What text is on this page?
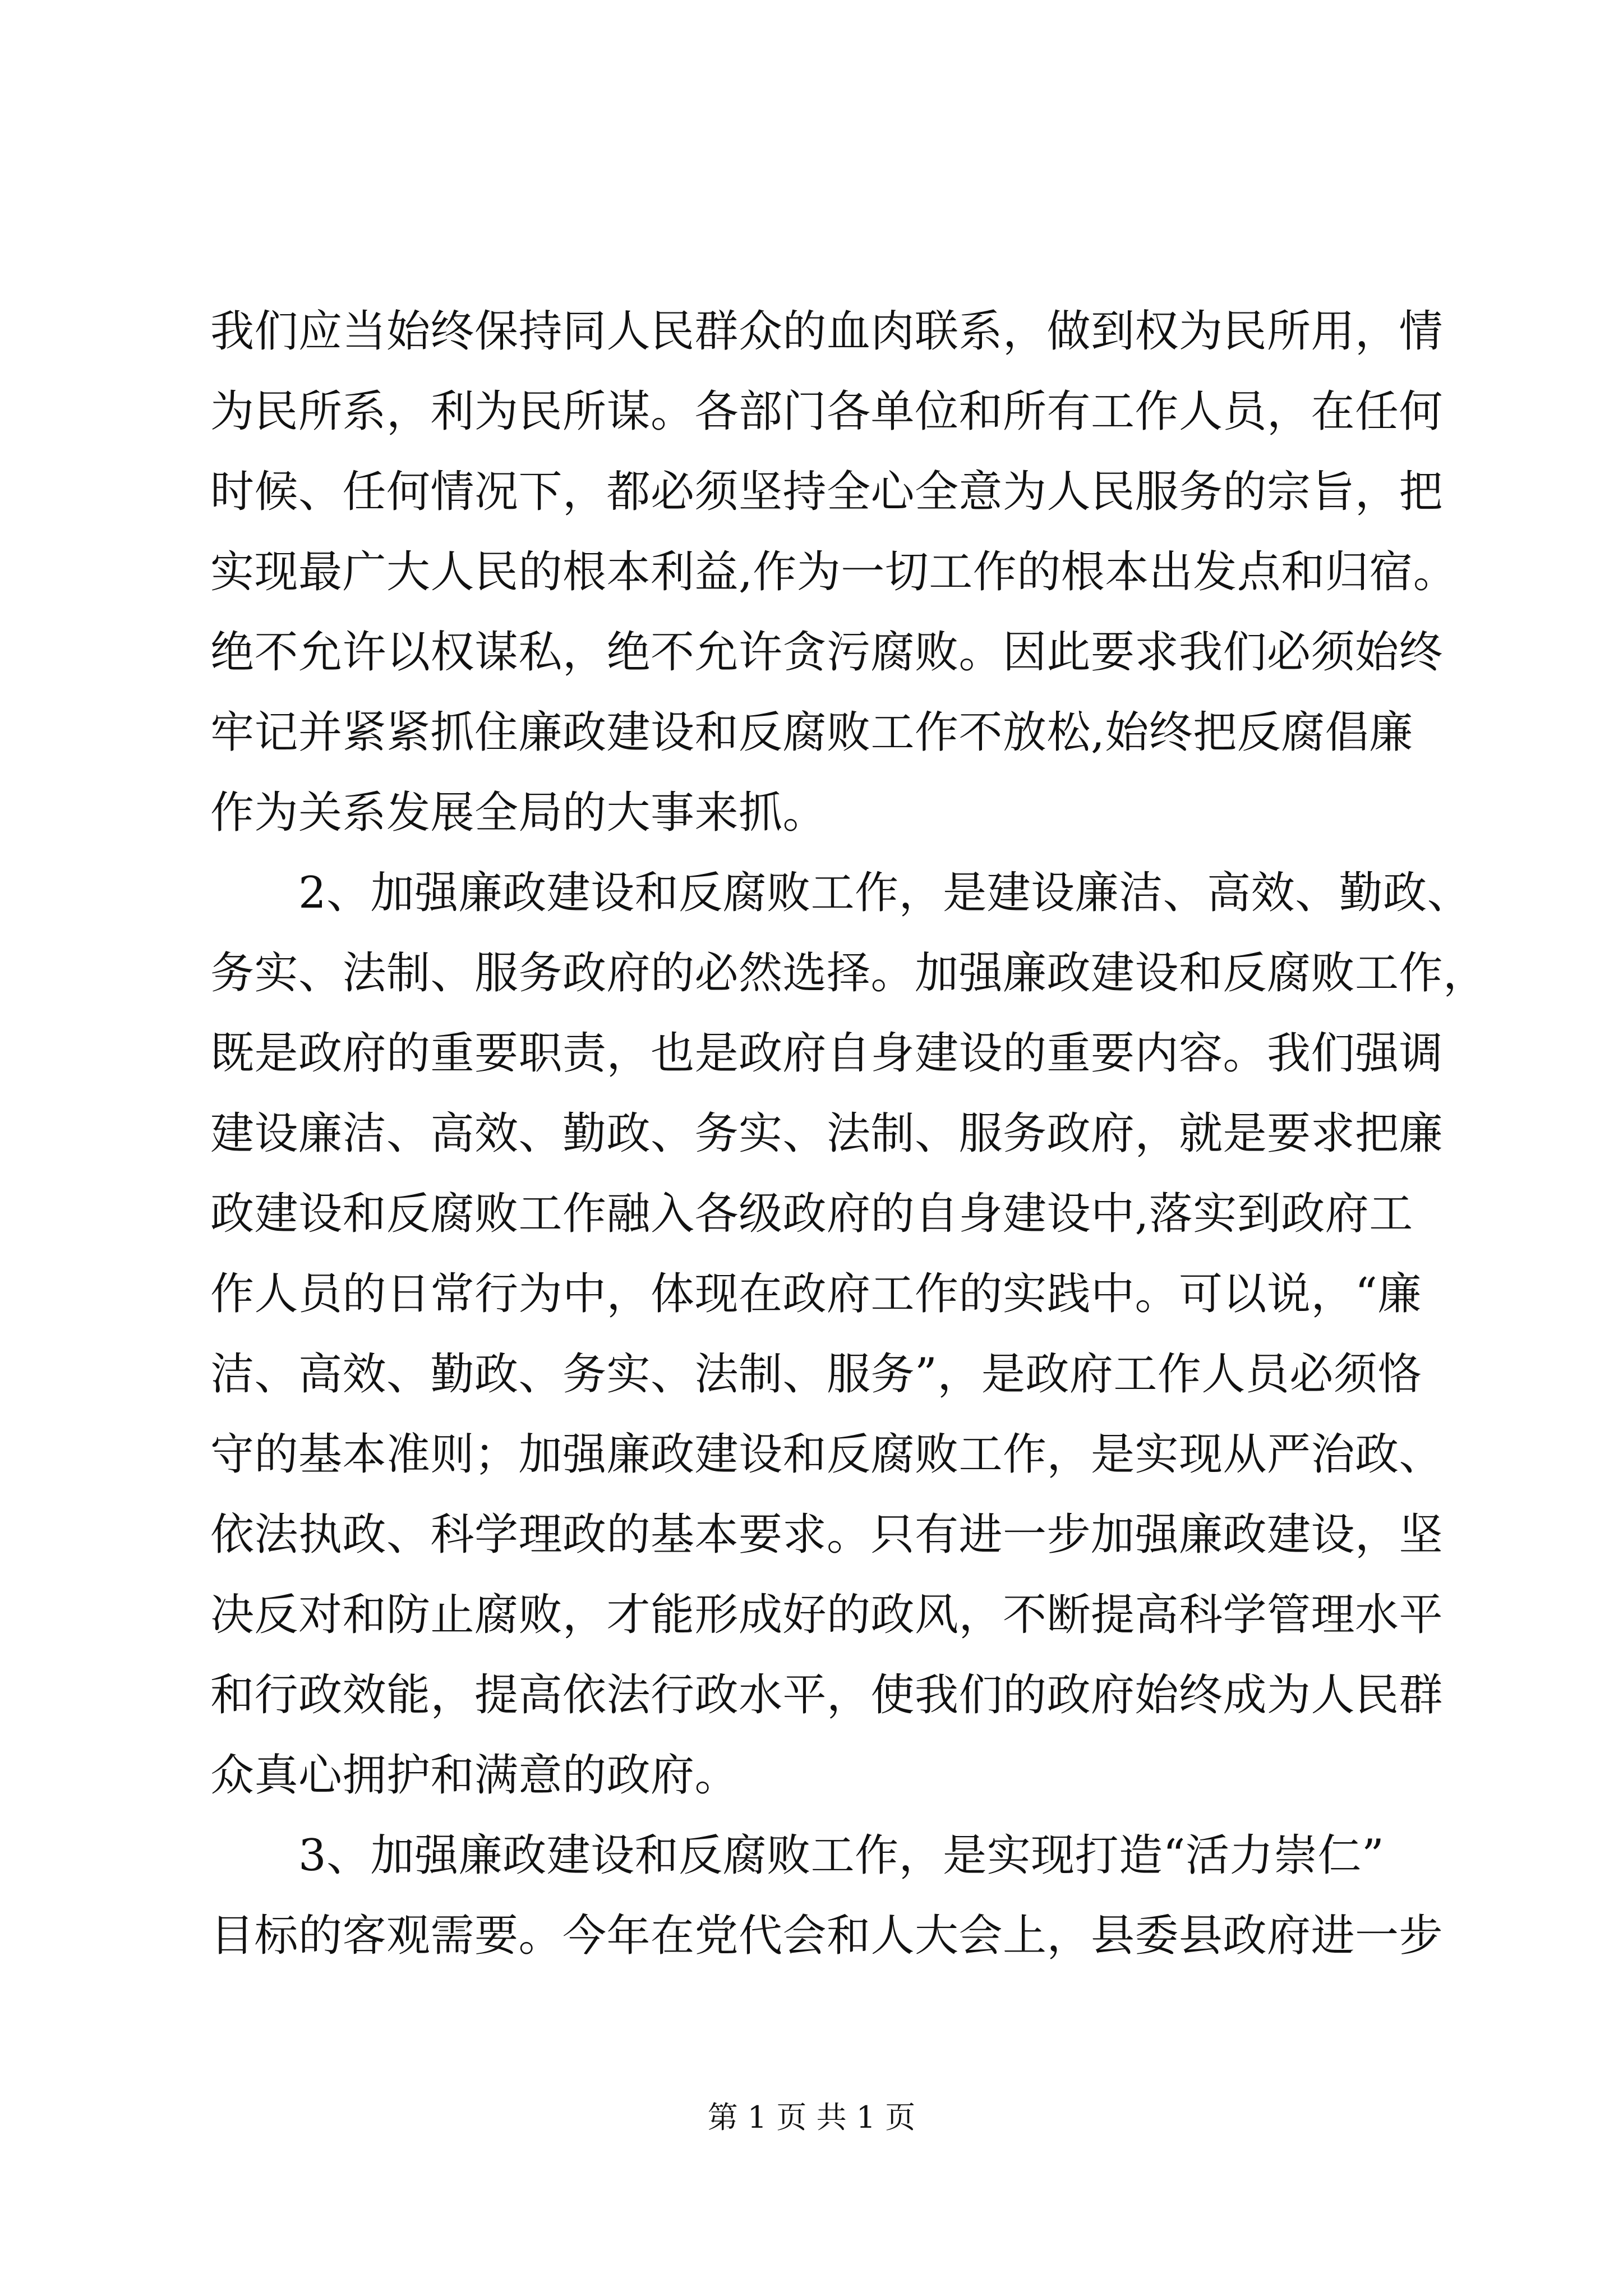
我们应当始终保持同人民群众的血肉联系，做到权为民所用，情
为民所系，利为民所谋。各部门各单位和所有工作人员，在任何
时候、任何情况下，都必须坚持全心全意为人民服务的宗旨，把
实现最广大人民的根本利益,作为一切工作的根本出发点和归宿。
绝不允许以权谋私，绝不允许贪污腐败。因此要求我们必须始终
牢记并紧紧抓住廉政建设和反腐败工作不放松,始终把反腐倡廉
作为关系发展全局的大事来抓。
　　2、加强廉政建设和反腐败工作，是建设廉洁、高效、勤政、
务实、法制、服务政府的必然选择。加强廉政建设和反腐败工作，
既是政府的重要职责，也是政府自身建设的重要内容。我们强调
建设廉洁、高效、勤政、务实、法制、服务政府，就是要求把廉
政建设和反腐败工作融入各级政府的自身建设中,落实到政府工
作人员的日常行为中，体现在政府工作的实践中。可以说，“廉
洁、高效、勤政、务实、法制、服务”，是政府工作人员必须恪
守的基本准则；加强廉政建设和反腐败工作，是实现从严治政、
依法执政、科学理政的基本要求。只有进一步加强廉政建设，坚
决反对和防止腐败，才能形成好的政风，不断提高科学管理水平
和行政效能，提高依法行政水平，使我们的政府始终成为人民群
众真心拥护和满意的政府。
　　3、加强廉政建设和反腐败工作，是实现打造“活力崇仁”
目标的客观需要。今年在党代会和人大会上，县委县政府进一步
第 1 页 共 1 页
